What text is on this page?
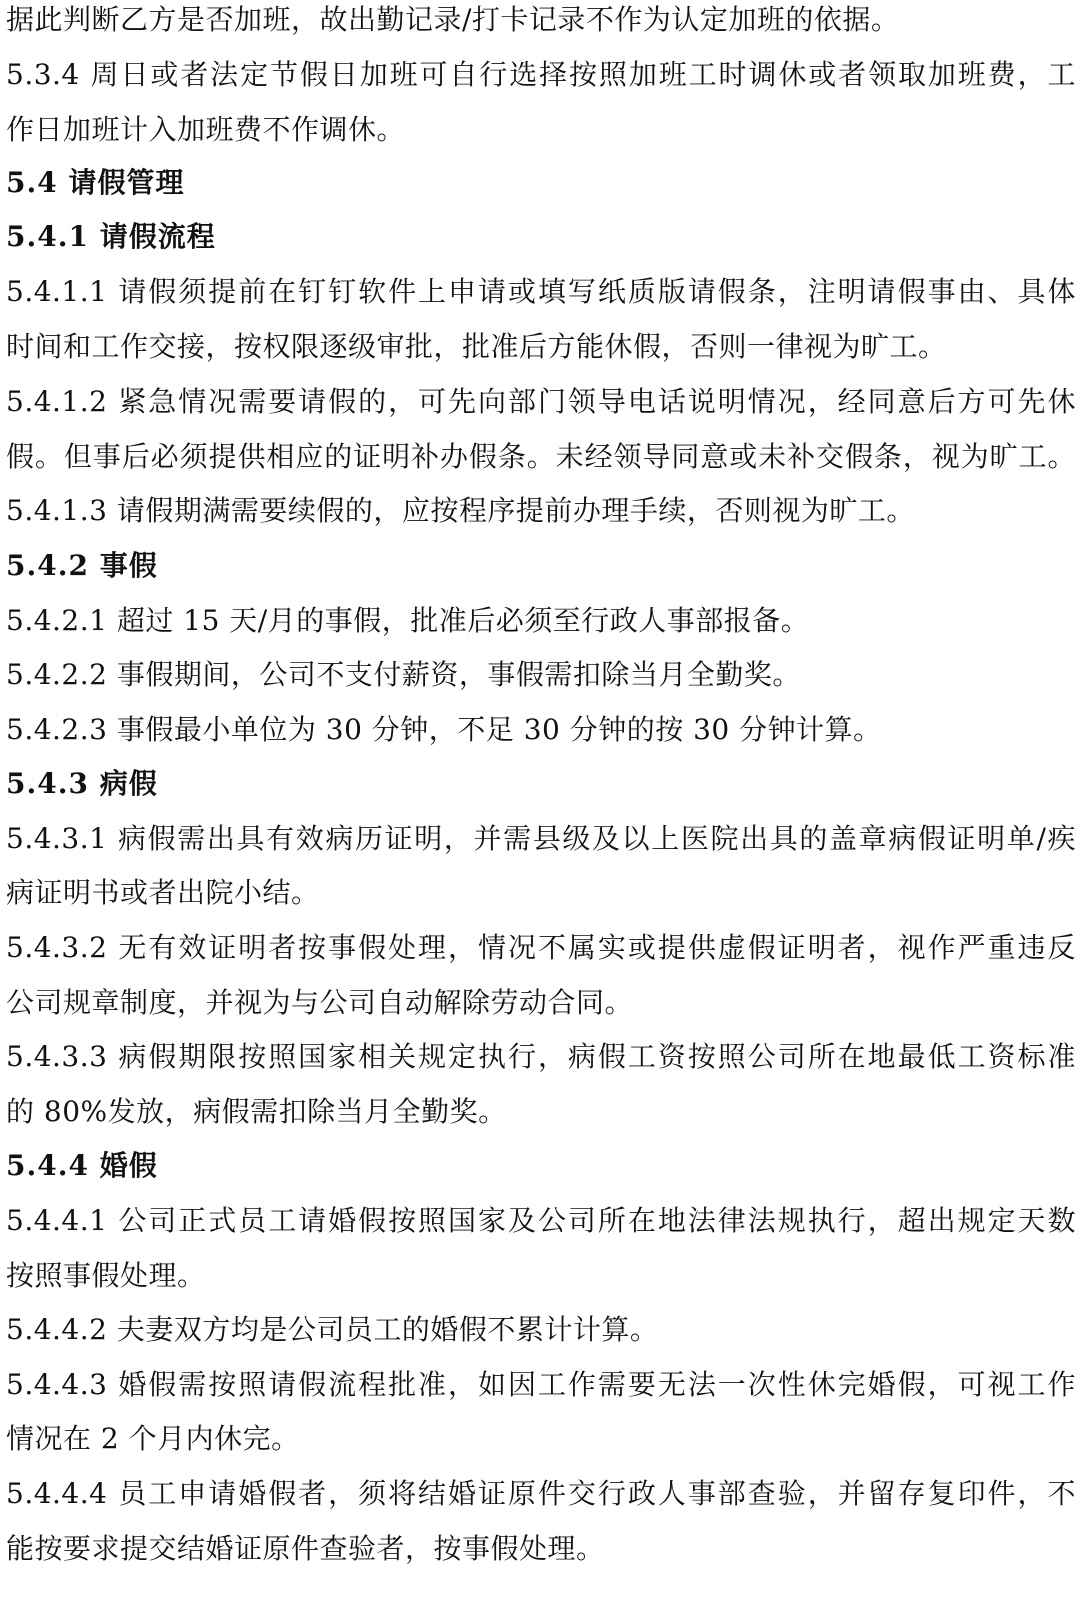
据此判断乙方是否加班，故出勤记录/打卡记录不作为认定加班的依据。
5.3.4 周日或者法定节假日加班可自行选择按照加班工时调休或者领取加班费，工
作日加班计入加班费不作调休。
5.4 请假管理
5.4.1 请假流程
5.4.1.1 请假须提前在钉钉软件上申请或填写纸质版请假条，注明请假事由、具体
时间和工作交接，按权限逐级审批，批准后方能休假，否则一律视为旷工。
5.4.1.2 紧急情况需要请假的，可先向部门领导电话说明情况，经同意后方可先休
假。但事后必须提供相应的证明补办假条。未经领导同意或未补交假条，视为旷工。
5.4.1.3 请假期满需要续假的，应按程序提前办理手续，否则视为旷工。
5.4.2 事假
5.4.2.1 超过 15 天/月的事假，批准后必须至行政人事部报备。
5.4.2.2 事假期间，公司不支付薪资，事假需扣除当月全勤奖。
5.4.2.3 事假最小单位为 30 分钟，不足 30 分钟的按 30 分钟计算。
5.4.3 病假
5.4.3.1 病假需出具有效病历证明，并需县级及以上医院出具的盖章病假证明单/疾
病证明书或者出院小结。
5.4.3.2 无有效证明者按事假处理，情况不属实或提供虚假证明者，视作严重违反
公司规章制度，并视为与公司自动解除劳动合同。
5.4.3.3 病假期限按照国家相关规定执行，病假工资按照公司所在地最低工资标准
的 80%发放，病假需扣除当月全勤奖。
5.4.4 婚假
5.4.4.1 公司正式员工请婚假按照国家及公司所在地法律法规执行，超出规定天数
按照事假处理。
5.4.4.2 夫妻双方均是公司员工的婚假不累计计算。
5.4.4.3 婚假需按照请假流程批准，如因工作需要无法一次性休完婚假，可视工作
情况在 2 个月内休完。
5.4.4.4 员工申请婚假者，须将结婚证原件交行政人事部查验，并留存复印件，不
能按要求提交结婚证原件查验者，按事假处理。
